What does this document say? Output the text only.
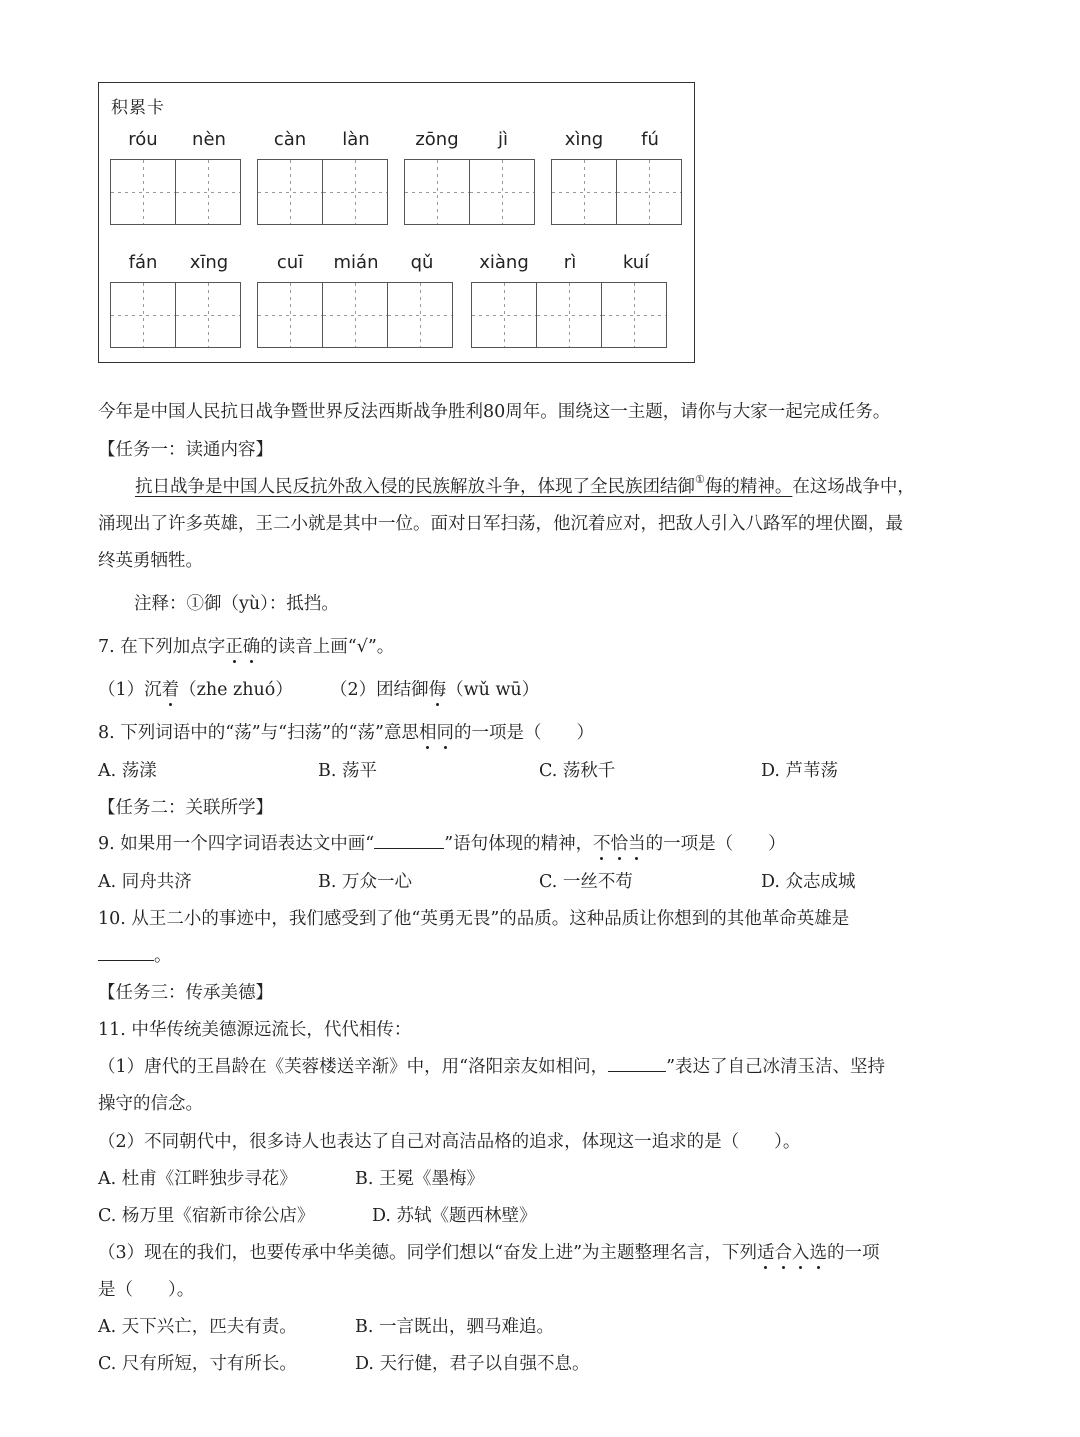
积累卡
róu	nèn	càn	làn	zōng	jì	xìng	fú
fán	xīng	cuī	mián	qǔ	xiàng	rì	kuí
今年是中国人民抗日战争暨世界反法西斯战争胜利80周年。围绕这一主题，请你与大家一起完成任务。
【任务一：读通内容】
抗日战争是中国人民反抗外敌入侵的民族解放斗争，体现了全民族团结御①侮的精神。在这场战争中，
涌现出了许多英雄，王二小就是其中一位。面对日军扫荡，他沉着应对，把敌人引入八路军的埋伏圈，最
终英勇牺牲。
注释：①御（yù）：抵挡。
7. 在下列加点字正确的读音上画“√”。
（1）沉着（zhe zhuó） （2）团结御侮（wǔ wū）
8. 下列词语中的“荡”与“扫荡”的“荡”意思相同的一项是（　　）
A. 荡漾	B. 荡平	C. 荡秋千	D. 芦苇荡
【任务二：关联所学】
9. 如果用一个四字词语表达文中画“	”语句体现的精神，不恰当的一项是（　　）
A. 同舟共济	B. 万众一心	C. 一丝不苟	D. 众志成城
10. 从王二小的事迹中，我们感受到了他“英勇无畏”的品质。这种品质让你想到的其他革命英雄是
。
【任务三：传承美德】
11. 中华传统美德源远流长，代代相传：
（1）唐代的王昌龄在《芙蓉楼送辛渐》中，用“洛阳亲友如相问，	”表达了自己冰清玉洁、坚持
操守的信念。
（2）不同朝代中，很多诗人也表达了自己对高洁品格的追求，体现这一追求的是（　　）。
A. 杜甫《江畔独步寻花》	B. 王冕《墨梅》
C. 杨万里《宿新市徐公店》	D. 苏轼《题西林壁》
（3）现在的我们，也要传承中华美德。同学们想以“奋发上进”为主题整理名言，下列适合入选的一项
是（　　）。
A. 天下兴亡，匹夫有责。	B. 一言既出，驷马难追。
C. 尺有所短，寸有所长。	D. 天行健，君子以自强不息。
